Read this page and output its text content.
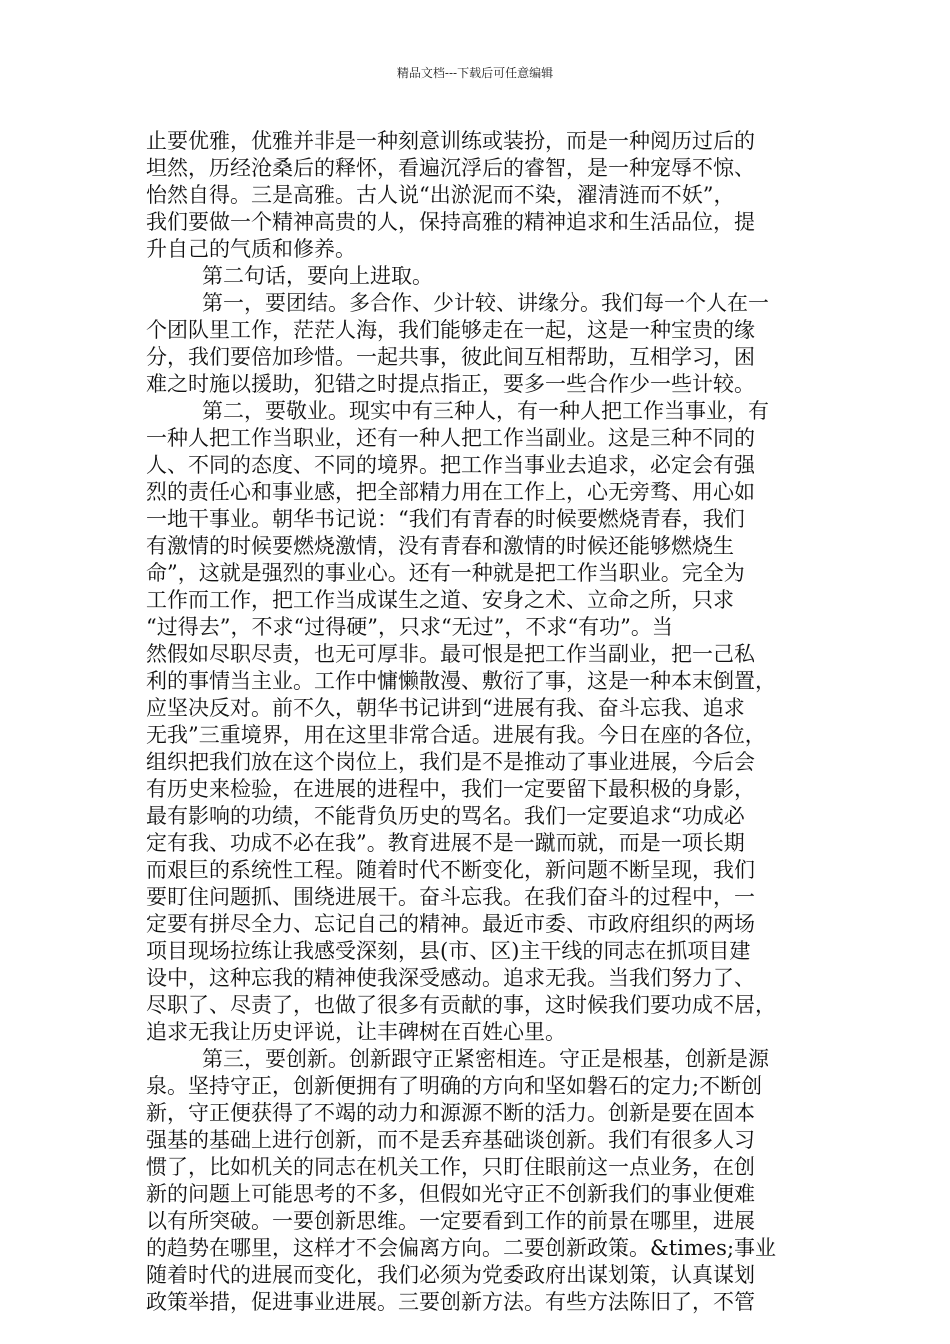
精品文档---下载后可任意编辑

止要优雅，优雅并非是一种刻意训练或装扮，而是一种阅历过后的

坦然，历经沧桑后的释怀，看遍沉浮后的睿智，是一种宠辱不惊、

怡然自得。三是高雅。古人说“出淤泥而不染，濯清涟而不妖”，

我们要做一个精神高贵的人，保持高雅的精神追求和生活品位，提

升自己的气质和修养。

第二句话，要向上进取。

第一，要团结。多合作、少计较、讲缘分。我们每一个人在一

个团队里工作，茫茫人海，我们能够走在一起，这是一种宝贵的缘

分，我们要倍加珍惜。一起共事，彼此间互相帮助，互相学习，困

难之时施以援助，犯错之时提点指正，要多一些合作少一些计较。

第二，要敬业。现实中有三种人，有一种人把工作当事业，有

一种人把工作当职业，还有一种人把工作当副业。这是三种不同的

人、不同的态度、不同的境界。把工作当事业去追求，必定会有强

烈的责任心和事业感，把全部精力用在工作上，心无旁骛、用心如

一地干事业。朝华书记说：“我们有青春的时候要燃烧青春，我们

有激情的时候要燃烧激情，没有青春和激情的时候还能够燃烧生

命”，这就是强烈的事业心。还有一种就是把工作当职业。完全为

工作而工作，把工作当成谋生之道、安身之术、立命之所，只求

“过得去”，不求“过得硬”，只求“无过”，不求“有功”。当

然假如尽职尽责，也无可厚非。最可恨是把工作当副业，把一己私

利的事情当主业。工作中慵懒散漫、敷衍了事，这是一种本末倒置，

应坚决反对。前不久，朝华书记讲到“进展有我、奋斗忘我、追求

无我”三重境界，用在这里非常合适。进展有我。今日在座的各位，

组织把我们放在这个岗位上，我们是不是推动了事业进展，今后会

有历史来检验，在进展的进程中，我们一定要留下最积极的身影，

最有影响的功绩，不能背负历史的骂名。我们一定要追求“功成必

定有我、功成不必在我”。教育进展不是一蹴而就，而是一项长期

而艰巨的系统性工程。随着时代不断变化，新问题不断呈现，我们

要盯住问题抓、围绕进展干。奋斗忘我。在我们奋斗的过程中，一

定要有拼尽全力、忘记自己的精神。最近市委、市政府组织的两场

项目现场拉练让我感受深刻，县(市、区)主干线的同志在抓项目建

设中，这种忘我的精神使我深受感动。追求无我。当我们努力了、

尽职了、尽责了，也做了很多有贡献的事，这时候我们要功成不居，

追求无我让历史评说，让丰碑树在百姓心里。

第三，要创新。创新跟守正紧密相连。守正是根基，创新是源

泉。坚持守正，创新便拥有了明确的方向和坚如磐石的定力;不断创

新，守正便获得了不竭的动力和源源不断的活力。创新是要在固本

强基的基础上进行创新，而不是丢弃基础谈创新。我们有很多人习

惯了，比如机关的同志在机关工作，只盯住眼前这一点业务，在创

新的问题上可能思考的不多，但假如光守正不创新我们的事业便难

以有所突破。一要创新思维。一定要看到工作的前景在哪里，进展

的趋势在哪里，这样才不会偏离方向。二要创新政策。&times;事业

随着时代的进展而变化，我们必须为党委政府出谋划策，认真谋划

政策举措，促进事业进展。三要创新方法。有些方法陈旧了，不管
